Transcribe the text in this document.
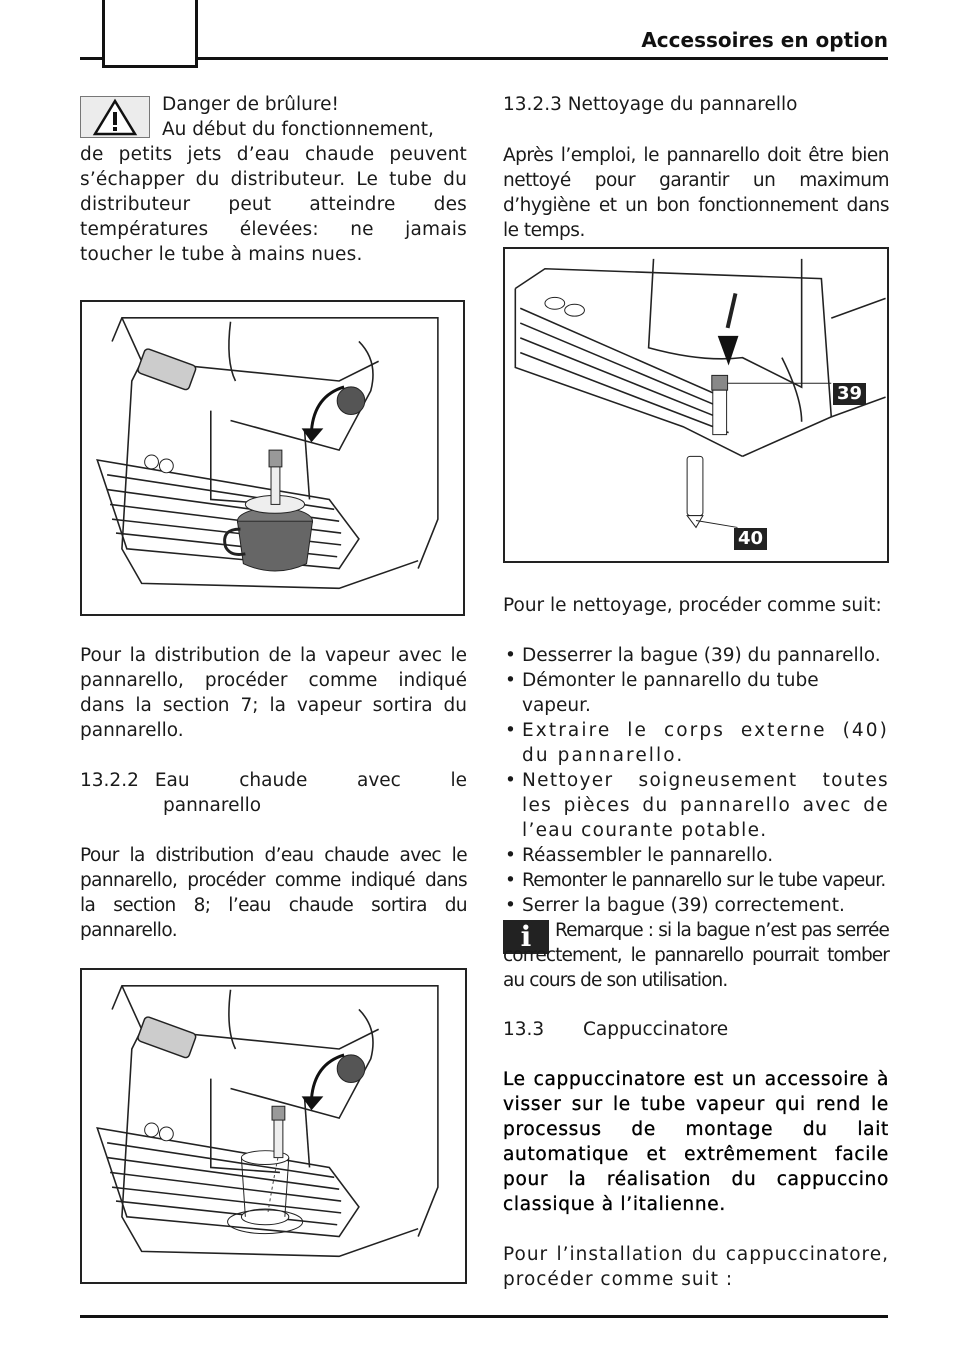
Accessoires en option
Danger de brûlure!
Au début du fonctionnement,
de petits jets d’eau chaude peuvent s’échapper du distributeur. Le tube du distributeur peut atteindre des températures élevées: ne jamais toucher le tube à mains nues.
Pour la distribution de la vapeur avec le pannarello, procéder comme indiqué dans la section 7; la vapeur sortira du pannarello.
13.2.2 Eau chaude avec le
pannarello
Pour la distribution d’eau chaude avec le pannarello, procéder comme indiqué dans la section 8; l’eau chaude sortira du pannarello.
13.2.3 Nettoyage du pannarello
Après l’emploi, le pannarello doit être bien nettoyé pour garantir un maximum d’hygiène et un bon fonctionnement dans le temps.
39
40
Pour le nettoyage, procéder comme suit:
• Desserrer la bague (39) du pannarello.
• Démonter le pannarello du tube vapeur.
• Extraire le corps externe (40) du pannarello.
• Nettoyer soigneusement toutes les pièces du pannarello avec de l’eau courante potable.
• Réassembler le pannarello.
• Remonter le pannarello sur le tube vapeur.
• Serrer la bague (39) correctement.
i	Remarque : si la bague n’est pas serrée correctement, le pannarello pourrait tomber au cours de son utilisation.
13.3 Cappuccinatore
Le cappuccinatore est un accessoire à visser sur le tube vapeur qui rend le processus de montage du lait automatique et extrêmement facile pour la réalisation du cappuccino classique à l’italienne.
Pour l’installation du cappuccinatore, procéder comme suit :
